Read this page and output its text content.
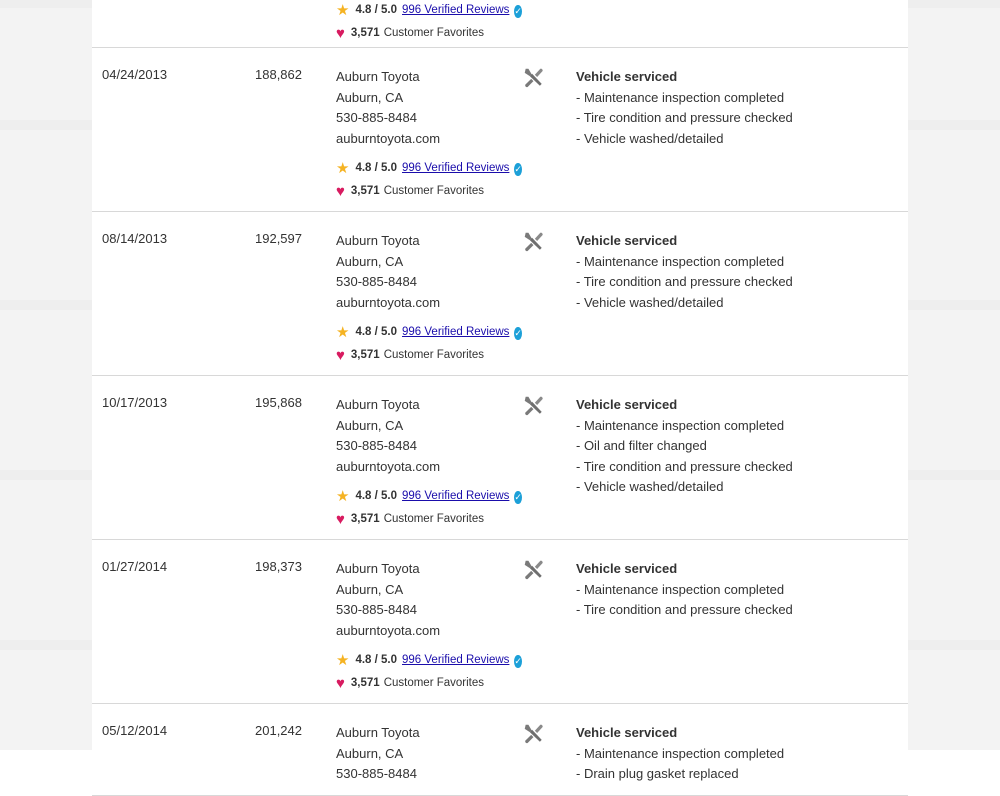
★ 4.8 / 5.0 996 Verified Reviews ✓
♥ 3,571 Customer Favorites
04/24/2013	188,862	Auburn Toyota
Auburn, CA
530-885-8484
auburntoyota.com
★ 4.8 / 5.0 996 Verified Reviews ✓
♥ 3,571 Customer Favorites
Vehicle serviced
- Maintenance inspection completed
- Tire condition and pressure checked
- Vehicle washed/detailed
08/14/2013	192,597	Auburn Toyota
Auburn, CA
530-885-8484
auburntoyota.com
★ 4.8 / 5.0 996 Verified Reviews ✓
♥ 3,571 Customer Favorites
Vehicle serviced
- Maintenance inspection completed
- Tire condition and pressure checked
- Vehicle washed/detailed
10/17/2013	195,868	Auburn Toyota
Auburn, CA
530-885-8484
auburntoyota.com
★ 4.8 / 5.0 996 Verified Reviews ✓
♥ 3,571 Customer Favorites
Vehicle serviced
- Maintenance inspection completed
- Oil and filter changed
- Tire condition and pressure checked
- Vehicle washed/detailed
01/27/2014	198,373	Auburn Toyota
Auburn, CA
530-885-8484
auburntoyota.com
★ 4.8 / 5.0 996 Verified Reviews ✓
♥ 3,571 Customer Favorites
Vehicle serviced
- Maintenance inspection completed
- Tire condition and pressure checked
05/12/2014	201,242	Auburn Toyota
Auburn, CA
530-885-8484
Vehicle serviced
- Maintenance inspection completed
- Drain plug gasket replaced
